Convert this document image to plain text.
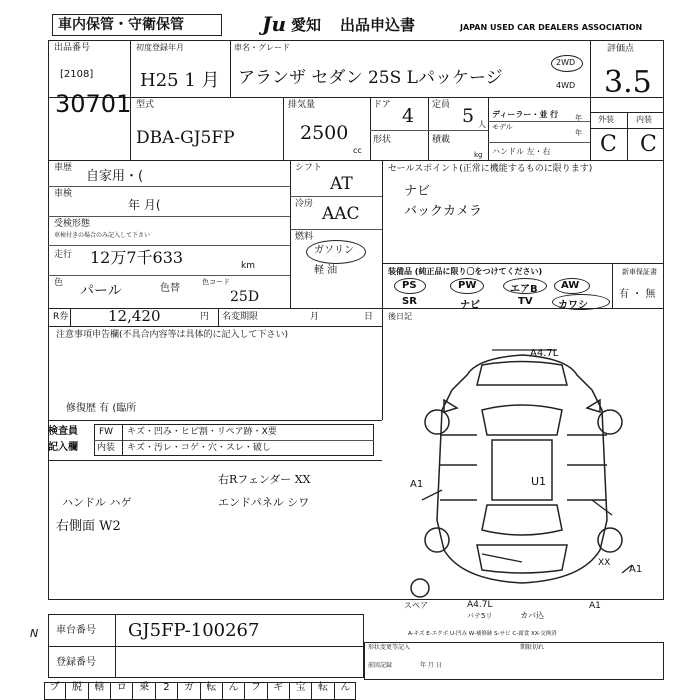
車内保管・守衛保管	Ju 愛知 出品申込書	JAPAN USED CAR DEALERS ASSOCIATION
出品番号
[2108]
30701
初度登録年月
H25 1 月
車名・グレード
アランザ セダン 25S Lパッケージ
2WD
4WD
評価点
3.5
外装	内装
C C
型式
DBA-GJ5FP
排気量
2500
cc
ドア 4
形状
定員 5 人
積載
kg
ディーラー・並 行
モデル
年
年
ハンドル 左・右
車歴
自家用・(
車検
年 月(
受検形態
車検付きの場合のみ記入して下さい
走行 12万7千633	km
色 パール	色替
色コード
25D
シフト
AT
冷房 AAC
燃料
ガソリン
軽 油
セールスポイント(正常に機能するものに限ります)
ナビ
バックカメラ
装備品 (純正品に限り〇をつけてください)	新車保証書
有 ・ 無
PS	PW	エアB AW
SR	ナビ	TV	カワシ
R券	12,420	円 名変期限	月	日 後日記
注意事項申告欄(不具合内容等は具体的に記入して下さい)
修復歴 有 (臨所
検査員
記入欄
FW キズ・凹み・ヒビ割・リペア跡・X要
内装 キズ・汚レ・コゲ・穴・スレ・破し
右Rフェンダー XX
ハンドル ハゲ	エンドパネル シワ
右側面 W2
A4.7L
U1
A1
A1
XX
スペア	A4.7L
パテ5リ	カバ込
A1
A-キズ E-エクボ U-凹み W-補修跡 S-サビ C-腐食 XX-交換済
N 車台番号 GJ5FP-100267
登録番号
形状変更等記入
前回記録	年 月 日
期限切れ
プ	脱	轄	ロ	乗	2	ガ	転	ん	フ	ギ	宝	転	ん
